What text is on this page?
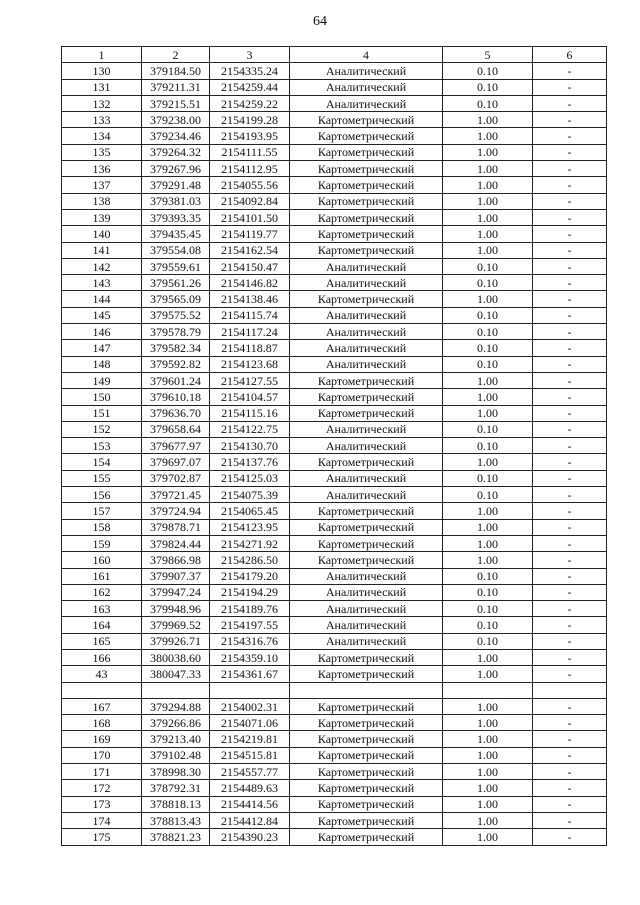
64
1	2	3	4	5	6
130	379184.50	2154335.24	Аналитический	0.10	-
131	379211.31	2154259.44	Аналитический	0.10	-
132	379215.51	2154259.22	Аналитический	0.10	-
133	379238.00	2154199.28	Картометрический	1.00	-
134	379234.46	2154193.95	Картометрический	1.00	-
135	379264.32	2154111.55	Картометрический	1.00	-
136	379267.96	2154112.95	Картометрический	1.00	-
137	379291.48	2154055.56	Картометрический	1.00	-
138	379381.03	2154092.84	Картометрический	1.00	-
139	379393.35	2154101.50	Картометрический	1.00	-
140	379435.45	2154119.77	Картометрический	1.00	-
141	379554.08	2154162.54	Картометрический	1.00	-
142	379559.61	2154150.47	Аналитический	0.10	-
143	379561.26	2154146.82	Аналитический	0.10	-
144	379565.09	2154138.46	Картометрический	1.00	-
145	379575.52	2154115.74	Аналитический	0.10	-
146	379578.79	2154117.24	Аналитический	0.10	-
147	379582.34	2154118.87	Аналитический	0.10	-
148	379592.82	2154123.68	Аналитический	0.10	-
149	379601.24	2154127.55	Картометрический	1.00	-
150	379610.18	2154104.57	Картометрический	1.00	-
151	379636.70	2154115.16	Картометрический	1.00	-
152	379658.64	2154122.75	Аналитический	0.10	-
153	379677.97	2154130.70	Аналитический	0.10	-
154	379697.07	2154137.76	Картометрический	1.00	-
155	379702.87	2154125.03	Аналитический	0.10	-
156	379721.45	2154075.39	Аналитический	0.10	-
157	379724.94	2154065.45	Картометрический	1.00	-
158	379878.71	2154123.95	Картометрический	1.00	-
159	379824.44	2154271.92	Картометрический	1.00	-
160	379866.98	2154286.50	Картометрический	1.00	-
161	379907.37	2154179.20	Аналитический	0.10	-
162	379947.24	2154194.29	Аналитический	0.10	-
163	379948.96	2154189.76	Аналитический	0.10	-
164	379969.52	2154197.55	Аналитический	0.10	-
165	379926.71	2154316.76	Аналитический	0.10	-
166	380038.60	2154359.10	Картометрический	1.00	-
43	380047.33	2154361.67	Картометрический	1.00	-

167	379294.88	2154002.31	Картометрический	1.00	-
168	379266.86	2154071.06	Картометрический	1.00	-
169	379213.40	2154219.81	Картометрический	1.00	-
170	379102.48	2154515.81	Картометрический	1.00	-
171	378998.30	2154557.77	Картометрический	1.00	-
172	378792.31	2154489.63	Картометрический	1.00	-
173	378818.13	2154414.56	Картометрический	1.00	-
174	378813.43	2154412.84	Картометрический	1.00	-
175	378821.23	2154390.23	Картометрический	1.00	-
